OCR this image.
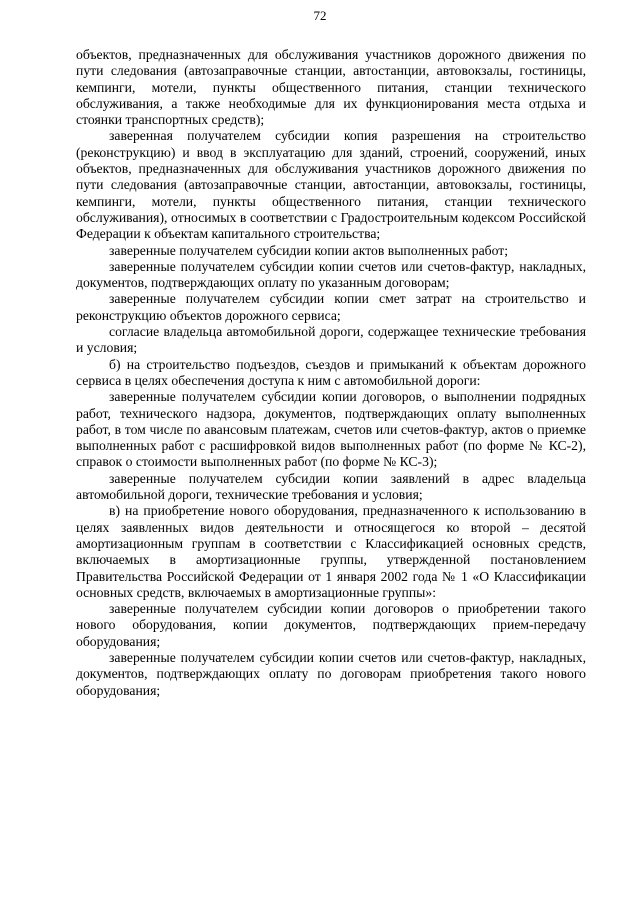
72

объектов, предназначенных для обслуживания участников дорожного движения по пути следования (автозаправочные станции, автостанции, автовокзалы, гостиницы, кемпинги, мотели, пункты общественного питания, станции технического обслуживания, а также необходимые для их функционирования места отдыха и стоянки транспортных средств);

заверенная получателем субсидии копия разрешения на строительство (реконструкцию) и ввод в эксплуатацию для зданий, строений, сооружений, иных объектов, предназначенных для обслуживания участников дорожного движения по пути следования (автозаправочные станции, автостанции, автовокзалы, гостиницы, кемпинги, мотели, пункты общественного питания, станции технического обслуживания), относимых в соответствии с Градостроительным кодексом Российской Федерации к объектам капитального строительства;

заверенные получателем субсидии копии актов выполненных работ;

заверенные получателем субсидии копии счетов или счетов-фактур, накладных, документов, подтверждающих оплату по указанным договорам;

заверенные получателем субсидии копии смет затрат на строительство и реконструкцию объектов дорожного сервиса;

согласие владельца автомобильной дороги, содержащее технические требования и условия;

б) на строительство подъездов, съездов и примыканий к объектам дорожного сервиса в целях обеспечения доступа к ним с автомобильной дороги:

заверенные получателем субсидии копии договоров, о выполнении подрядных работ, технического надзора, документов, подтверждающих оплату выполненных работ, в том числе по авансовым платежам, счетов или счетов-фактур, актов о приемке выполненных работ с расшифровкой видов выполненных работ (по форме № КС-2), справок о стоимости выполненных работ (по форме № КС-3);

заверенные получателем субсидии копии заявлений в адрес владельца автомобильной дороги, технические требования и условия;

в) на приобретение нового оборудования, предназначенного к использованию в целях заявленных видов деятельности и относящегося ко второй – десятой амортизационным группам в соответствии с Классификацией основных средств, включаемых в амортизационные группы, утвержденной постановлением Правительства Российской Федерации от 1 января 2002 года № 1 «О Классификации основных средств, включаемых в амортизационные группы»:

заверенные получателем субсидии копии договоров о приобретении такого нового оборудования, копии документов, подтверждающих прием-передачу оборудования;

заверенные получателем субсидии копии счетов или счетов-фактур, накладных, документов, подтверждающих оплату по договорам приобретения такого нового оборудования;
